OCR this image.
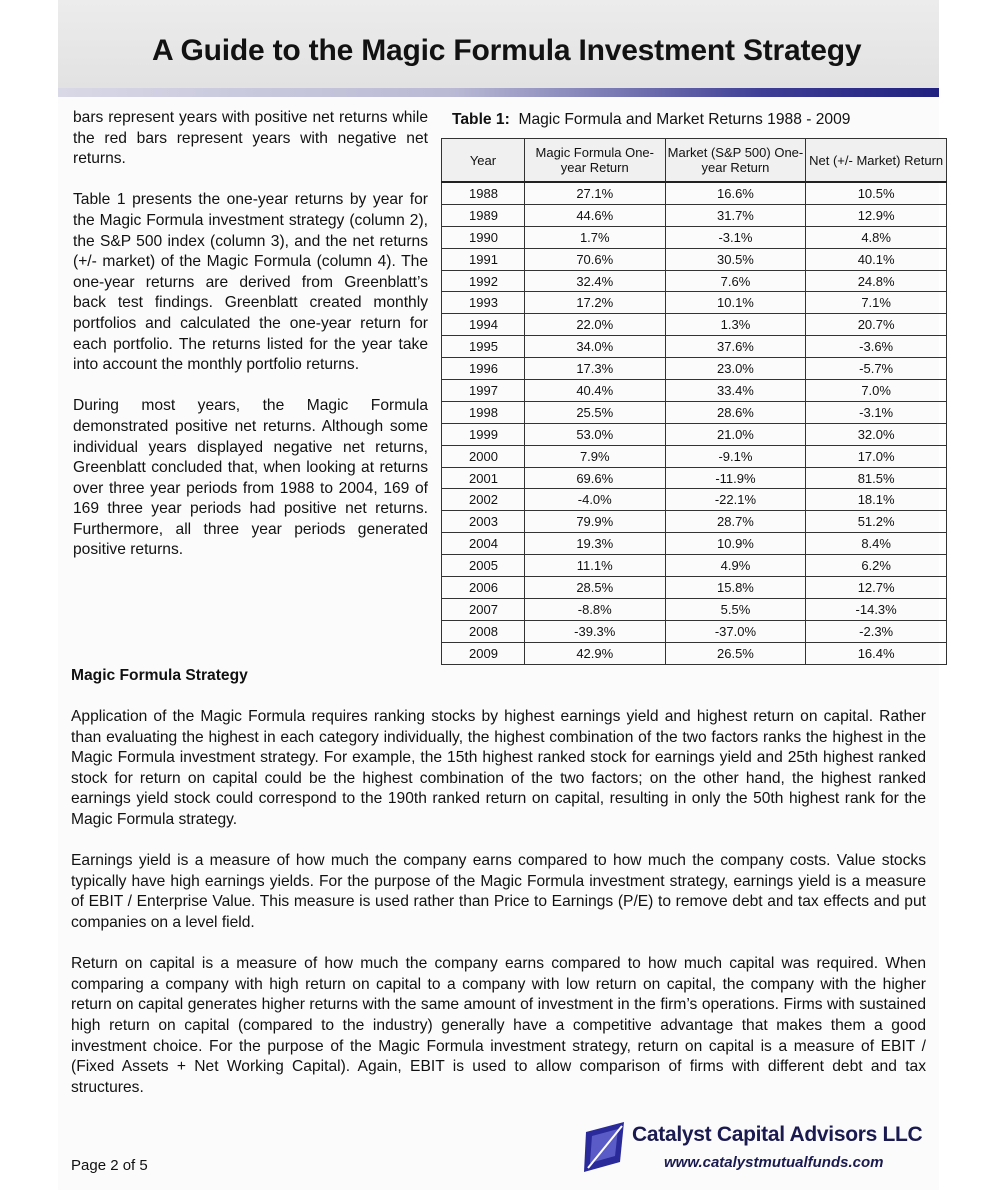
A Guide to the Magic Formula Investment Strategy

bars represent years with positive net returns while the red bars represent years with negative net returns.

Table 1 presents the one-year returns by year for the Magic Formula investment strategy (column 2), the S&P 500 index (column 3), and the net returns (+/- market) of the Magic Formula (column 4). The one-year returns are derived from Greenblatt’s back test findings. Greenblatt created monthly portfolios and calculated the one-year return for each portfolio. The returns listed for the year take into account the monthly portfolio returns.

During most years, the Magic Formula demonstrated positive net returns. Although some individual years displayed negative net returns, Greenblatt concluded that, when looking at returns over three year periods from 1988 to 2004, 169 of 169 three year periods had positive net returns. Furthermore, all three year periods generated positive returns.

Table 1: Magic Formula and Market Returns 1988 - 2009
Year	Magic Formula One-year Return	Market (S&P 500) One-year Return	Net (+/- Market) Return
1988	27.1%	16.6%	10.5%
1989	44.6%	31.7%	12.9%
1990	1.7%	-3.1%	4.8%
1991	70.6%	30.5%	40.1%
1992	32.4%	7.6%	24.8%
1993	17.2%	10.1%	7.1%
1994	22.0%	1.3%	20.7%
1995	34.0%	37.6%	-3.6%
1996	17.3%	23.0%	-5.7%
1997	40.4%	33.4%	7.0%
1998	25.5%	28.6%	-3.1%
1999	53.0%	21.0%	32.0%
2000	7.9%	-9.1%	17.0%
2001	69.6%	-11.9%	81.5%
2002	-4.0%	-22.1%	18.1%
2003	79.9%	28.7%	51.2%
2004	19.3%	10.9%	8.4%
2005	11.1%	4.9%	6.2%
2006	28.5%	15.8%	12.7%
2007	-8.8%	5.5%	-14.3%
2008	-39.3%	-37.0%	-2.3%
2009	42.9%	26.5%	16.4%
Magic Formula Strategy

Application of the Magic Formula requires ranking stocks by highest earnings yield and highest return on capital. Rather than evaluating the highest in each category individually, the highest combination of the two factors ranks the highest in the Magic Formula investment strategy. For example, the 15th highest ranked stock for earnings yield and 25th highest ranked stock for return on capital could be the highest combination of the two factors; on the other hand, the highest ranked earnings yield stock could correspond to the 190th ranked return on capital, resulting in only the 50th highest rank for the Magic Formula strategy.

Earnings yield is a measure of how much the company earns compared to how much the company costs. Value stocks typically have high earnings yields. For the purpose of the Magic Formula investment strategy, earnings yield is a measure of EBIT / Enterprise Value. This measure is used rather than Price to Earnings (P/E) to remove debt and tax effects and put companies on a level field.

Return on capital is a measure of how much the company earns compared to how much capital was required. When comparing a company with high return on capital to a company with low return on capital, the company with the higher return on capital generates higher returns with the same amount of investment in the firm’s operations. Firms with sustained high return on capital (compared to the industry) generally have a competitive advantage that makes them a good investment choice. For the purpose of the Magic Formula investment strategy, return on capital is a measure of EBIT / (Fixed Assets + Net Working Capital). Again, EBIT is used to allow comparison of firms with different debt and tax structures.

Catalyst Capital Advisors LLC
www.catalystmutualfunds.com
Page 2 of 5
